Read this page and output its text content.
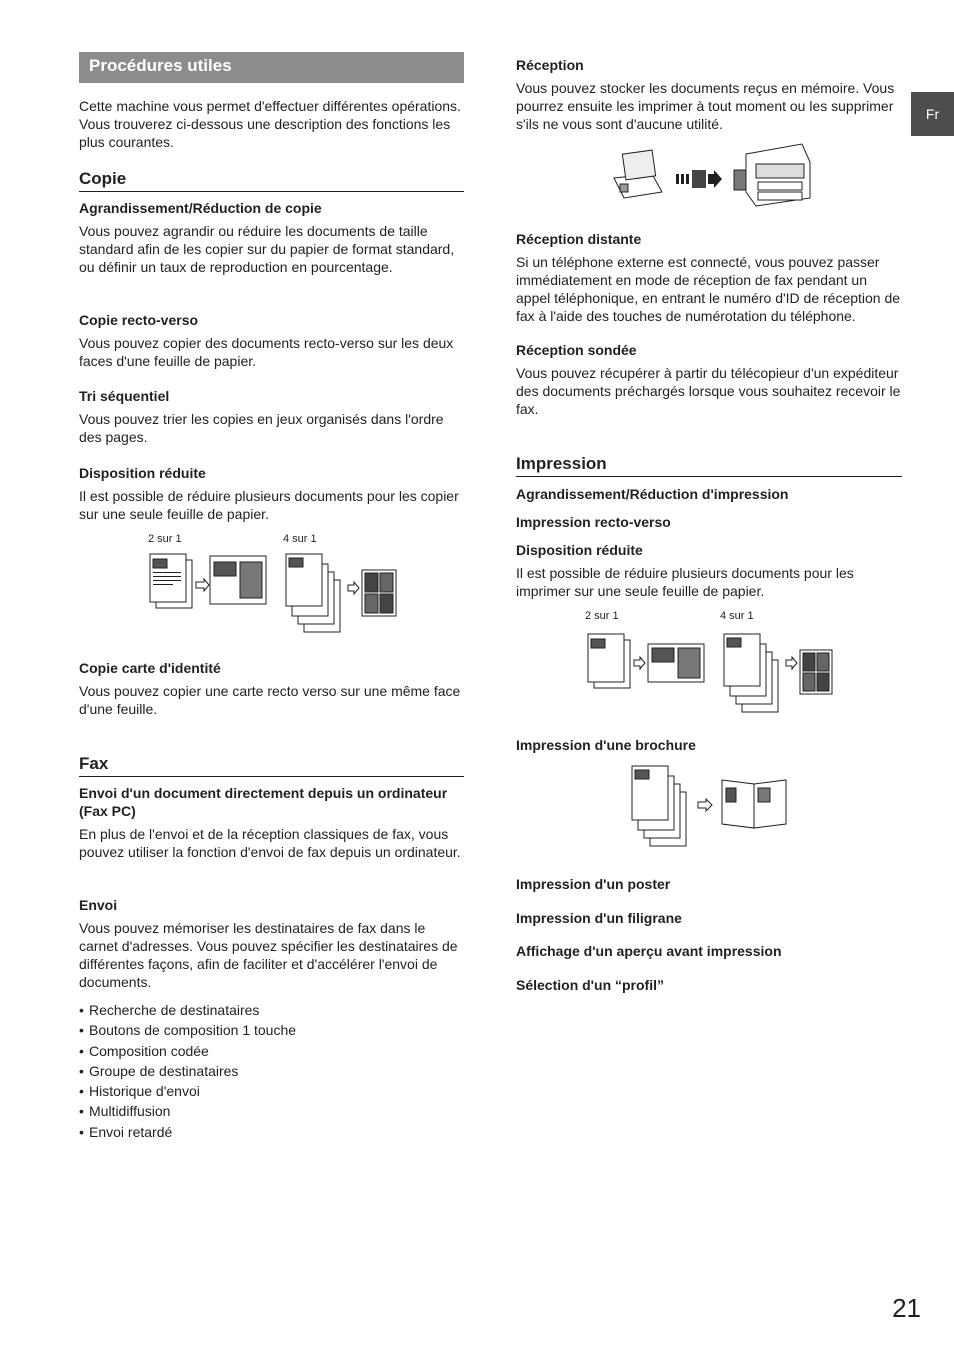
Procédures utiles
Fr

Cette machine vous permet d'effectuer différentes opérations. Vous trouverez ci-dessous une description des fonctions les plus courantes.

Copie
Agrandissement/Réduction de copie

Vous pouvez agrandir ou réduire les documents de taille standard afin de les copier sur du papier de format standard, ou définir un taux de reproduction en pourcentage.

Copie recto-verso

Vous pouvez copier des documents recto-verso sur les deux faces d'une feuille de papier.

Tri séquentiel

Vous pouvez trier les copies en jeux organisés dans l'ordre des pages.

Disposition réduite

Il est possible de réduire plusieurs documents pour les copier sur une seule feuille de papier.

2 sur 1	4 sur 1
Copie carte d'identité

Vous pouvez copier une carte recto verso sur une même face d'une feuille.

Fax
Envoi d'un document directement depuis un ordinateur (Fax PC)

En plus de l'envoi et de la réception classiques de fax, vous pouvez utiliser la fonction d'envoi de fax depuis un ordinateur.

Envoi

Vous pouvez mémoriser les destinataires de fax dans le carnet d'adresses. Vous pouvez spécifier les destinataires de différentes façons, afin de faciliter et d'accélérer l'envoi de documents.

• Recherche de destinataires
• Boutons de composition 1 touche
• Composition codée
• Groupe de destinataires
• Historique d'envoi
• Multidiffusion
• Envoi retardé
Réception

Vous pouvez stocker les documents reçus en mémoire. Vous pourrez ensuite les imprimer à tout moment ou les supprimer s'ils ne vous sont d'aucune utilité.

Réception distante

Si un téléphone externe est connecté, vous pouvez passer immédiatement en mode de réception de fax pendant un appel téléphonique, en entrant le numéro d'ID de réception de fax à l'aide des touches de numérotation du téléphone.

Réception sondée

Vous pouvez récupérer à partir du télécopieur d'un expéditeur des documents préchargés lorsque vous souhaitez recevoir le fax.

Impression
Agrandissement/Réduction d'impression
Impression recto-verso
Disposition réduite

Il est possible de réduire plusieurs documents pour les imprimer sur une seule feuille de papier.

2 sur 1	4 sur 1
Impression d'une brochure
Impression d'un poster
Impression d'un filigrane
Affichage d'un aperçu avant impression
Sélection d'un “profil”
21
